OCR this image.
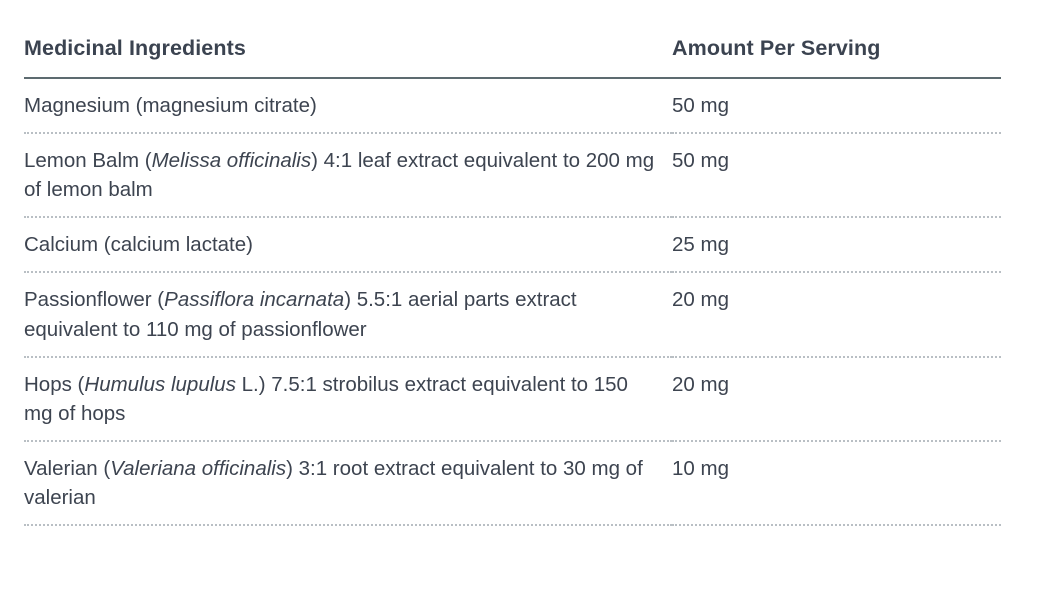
Medicinal Ingredients	Amount Per Serving
Magnesium (magnesium citrate)	50 mg
Lemon Balm (Melissa officinalis) 4:1 leaf extract equivalent to 200 mg of lemon balm	50 mg
Calcium (calcium lactate)	25 mg
Passionflower (Passiflora incarnata) 5.5:1 aerial parts extract equivalent to 110 mg of passionflower	20 mg
Hops (Humulus lupulus L.) 7.5:1 strobilus extract equivalent to 150 mg of hops	20 mg
Valerian (Valeriana officinalis) 3:1 root extract equivalent to 30 mg of valerian	10 mg
